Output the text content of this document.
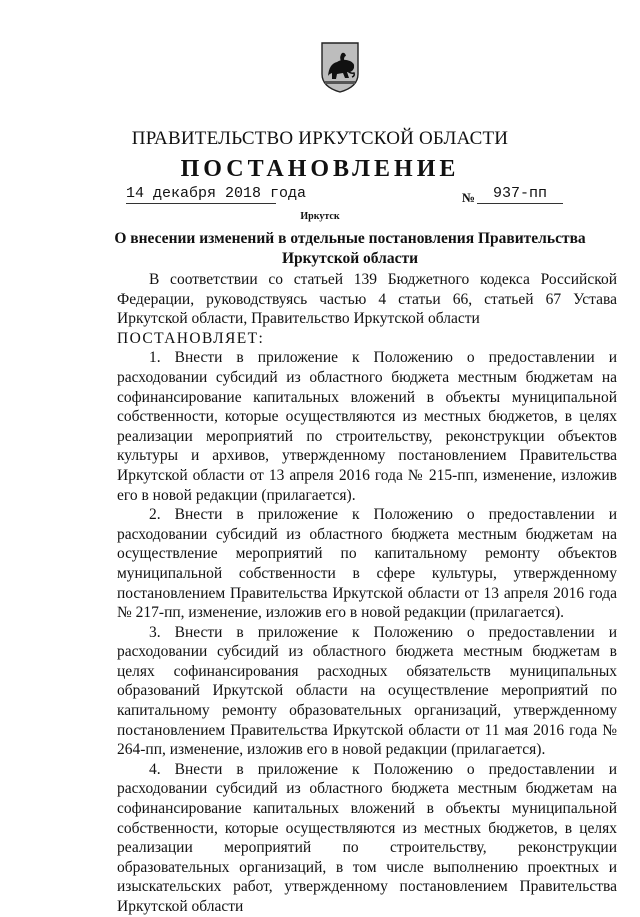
ПРАВИТЕЛЬСТВО ИРКУТСКОЙ ОБЛАСТИ
ПОСТАНОВЛЕНИЕ
14 декабря 2018 года	№	937-пп
Иркутск
О внесении изменений в отдельные постановления Правительства Иркутской области

В соответствии со статьей 139 Бюджетного кодекса Российской Федерации, руководствуясь частью 4 статьи 66, статьей 67 Устава Иркутской области, Правительство Иркутской области

ПОСТАНОВЛЯЕТ:

1. Внести в приложение к Положению о предоставлении и расходовании субсидий из областного бюджета местным бюджетам на софинансирование капитальных вложений в объекты муниципальной собственности, которые осуществляются из местных бюджетов, в целях реализации мероприятий по строительству, реконструкции объектов культуры и архивов, утвержденному постановлением Правительства Иркутской области от 13 апреля 2016 года № 215-пп, изменение, изложив его в новой редакции (прилагается).

2. Внести в приложение к Положению о предоставлении и расходовании субсидий из областного бюджета местным бюджетам на осуществление мероприятий по капитальному ремонту объектов муниципальной собственности в сфере культуры, утвержденному постановлением Правительства Иркутской области от 13 апреля 2016 года № 217-пп, изменение, изложив его в новой редакции (прилагается).

3. Внести в приложение к Положению о предоставлении и расходовании субсидий из областного бюджета местным бюджетам в целях софинансирования расходных обязательств муниципальных образований Иркутской области на осуществление мероприятий по капитальному ремонту образовательных организаций, утвержденному постановлением Правительства Иркутской области от 11 мая 2016 года № 264-пп, изменение, изложив его в новой редакции (прилагается).

4. Внести в приложение к Положению о предоставлении и расходовании субсидий из областного бюджета местным бюджетам на софинансирование капитальных вложений в объекты муниципальной собственности, которые осуществляются из местных бюджетов, в целях реализации мероприятий по строительству, реконструкции образовательных организаций, в том числе выполнению проектных и изыскательских работ, утвержденному постановлением Правительства Иркутской области
